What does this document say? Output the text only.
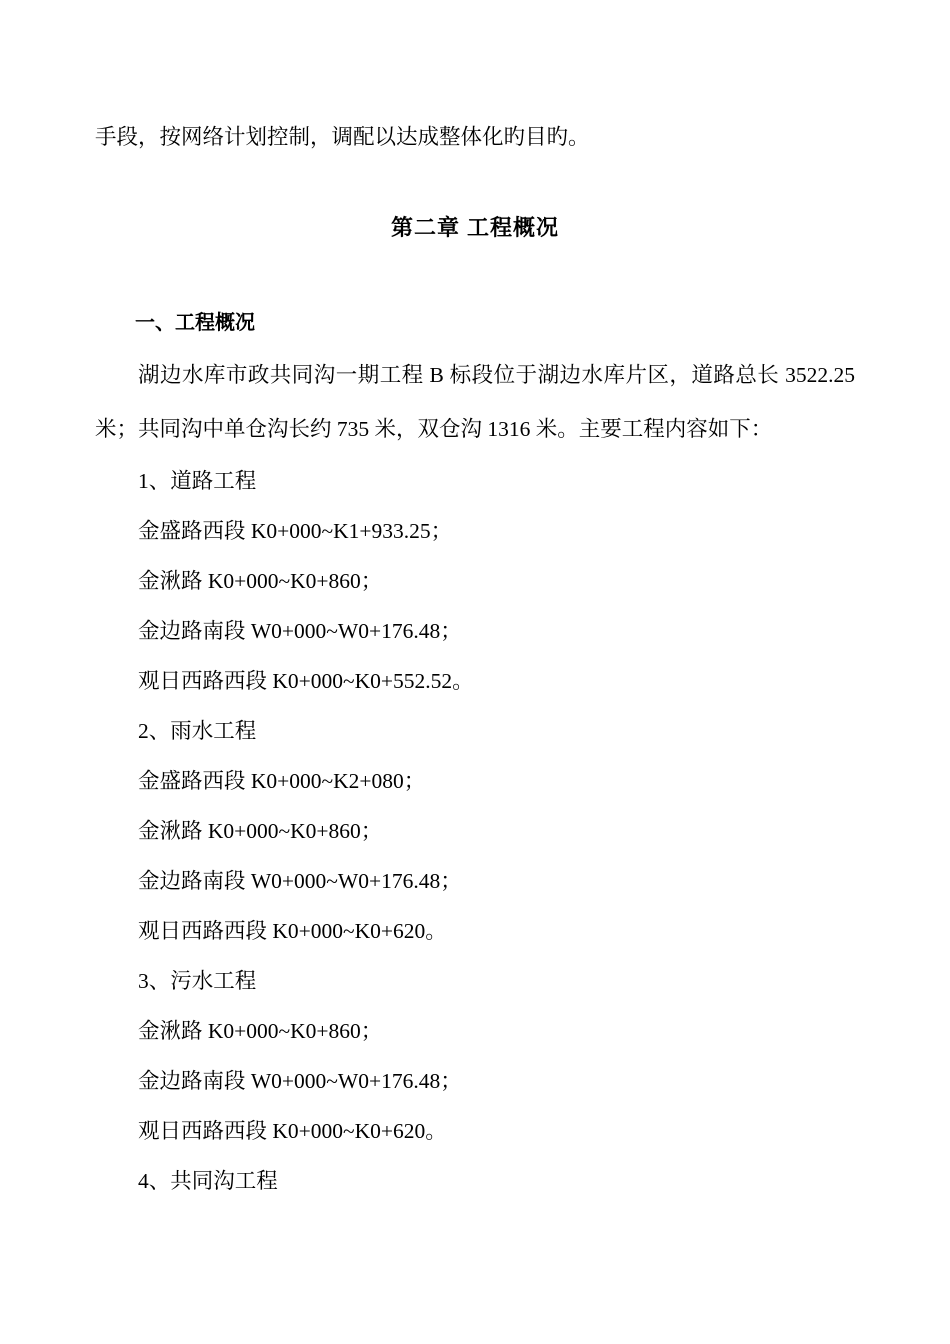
手段，按网络计划控制，调配以达成整体化旳目旳。

第二章 工程概况
一、工程概况

湖边水库市政共同沟一期工程 B 标段位于湖边水库片区，道路总长 3522.25 米；共同沟中单仓沟长约 735 米，双仓沟 1316 米。主要工程内容如下：

1、道路工程

金盛路西段 K0+000~K1+933.25；

金湫路 K0+000~K0+860；

金边路南段 W0+000~W0+176.48；

观日西路西段 K0+000~K0+552.52。

2、雨水工程

金盛路西段 K0+000~K2+080；

金湫路 K0+000~K0+860；

金边路南段 W0+000~W0+176.48；

观日西路西段 K0+000~K0+620。

3、污水工程

金湫路 K0+000~K0+860；

金边路南段 W0+000~W0+176.48；

观日西路西段 K0+000~K0+620。

4、共同沟工程
